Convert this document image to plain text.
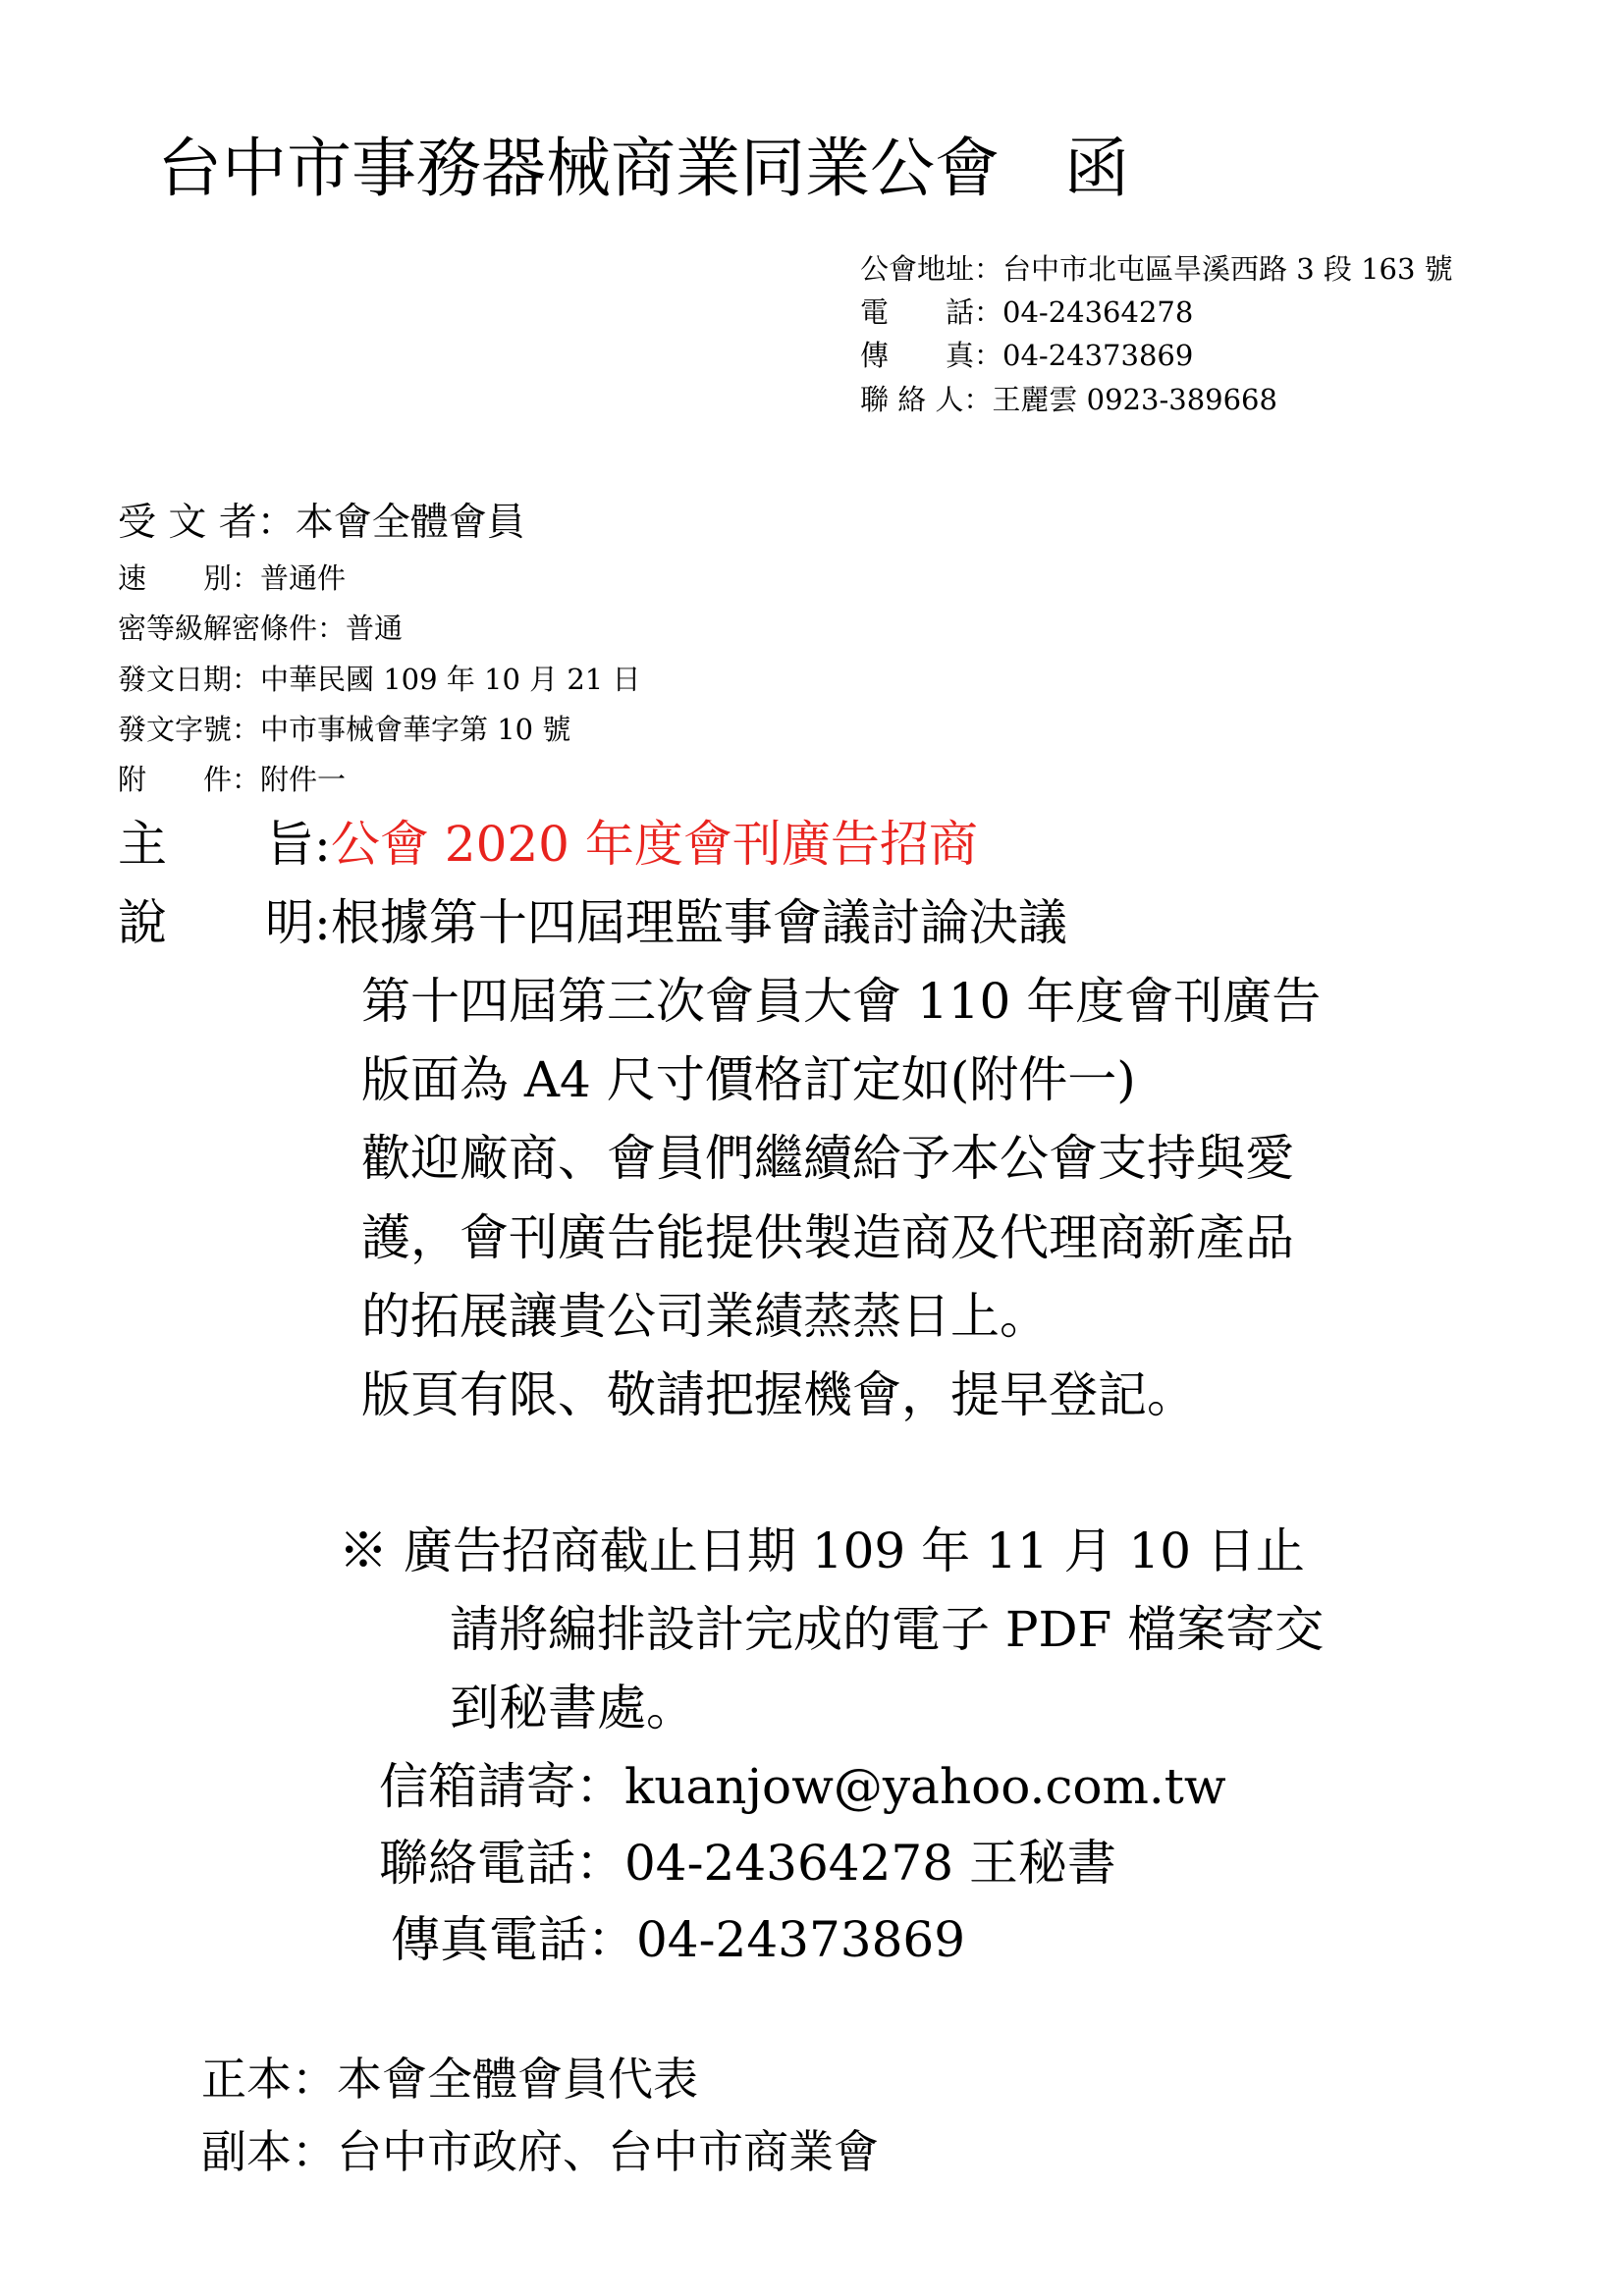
台中市事務器械商業同業公會　函
公會地址：台中市北屯區旱溪西路 3 段 163 號
電　　話：04-24364278
傳　　真：04-24373869
聯 絡 人：王麗雲 0923-389668
受 文 者：本會全體會員
速　　別：普通件
密等級解密條件：普通
發文日期：中華民國 109 年 10 月 21 日
發文字號：中市事械會華字第 10 號
附　　件：附件一
主　　旨:公會 2020 年度會刊廣告招商
說　　明:根據第十四屆理監事會議討論決議
第十四屆第三次會員大會 110 年度會刊廣告
版面為 A4 尺寸價格訂定如(附件一)
歡迎廠商、會員們繼續給予本公會支持與愛
護，會刊廣告能提供製造商及代理商新產品
的拓展讓貴公司業績蒸蒸日上。
版頁有限、敬請把握機會，提早登記。
※ 廣告招商截止日期 109 年 11 月 10 日止
請將編排設計完成的電子 PDF 檔案寄交
到秘書處。
信箱請寄：kuanjow@yahoo.com.tw
聯絡電話：04-24364278 王秘書
傳真電話：04-24373869
正本：本會全體會員代表
副本：台中市政府、台中市商業會
